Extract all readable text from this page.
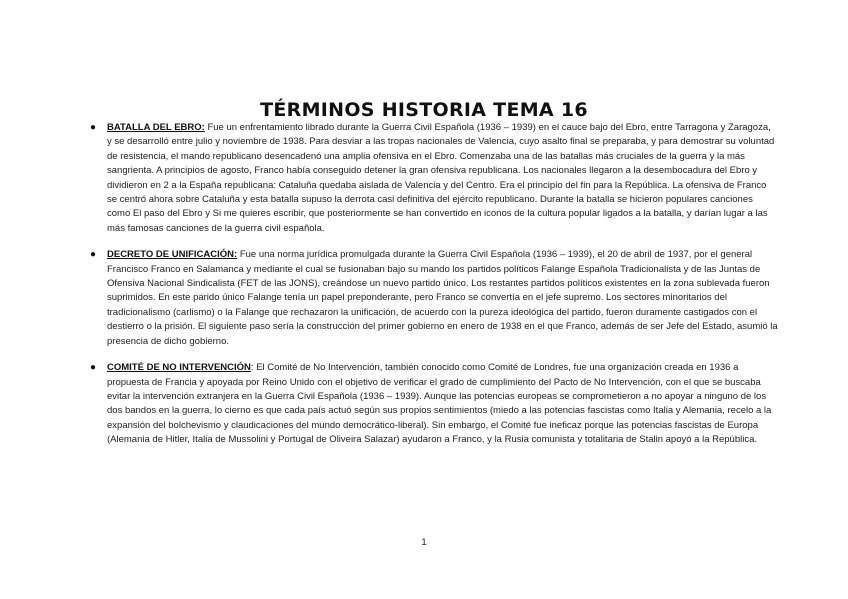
TÉRMINOS HISTORIA TEMA 16
● BATALLA DEL EBRO: Fue un enfrentamiento librado durante la Guerra Civil Española (1936 – 1939) en el cauce bajo del Ebro, entre Tarragona y Zaragoza, y se desarrolló entre julio y noviembre de 1938. Para desviar a las tropas nacionales de Valencia, cuyo asalto final se preparaba, y para demostrar su voluntad de resistencia, el mando republicano desencadenó una amplia ofensiva en el Ebro. Comenzaba una de las batallas más cruciales de la guerra y la más sangrienta. A principios de agosto, Franco había conseguido detener la gran ofensiva republicana. Los nacionales llegaron a la desembocadura del Ebro y dividieron en 2 a la España republicana: Cataluña quedaba aislada de Valencia y del Centro. Era el principio del fin para la República. La ofensiva de Franco se centró ahora sobre Cataluña y esta batalla supuso la derrota casi definitiva del ejército republicano. Durante la batalla se hicieron populares canciones como El paso del Ebro y Si me quieres escribir, que posteriormente se han convertido en iconos de la cultura popular ligados a la batalla, y darían lugar a las más famosas canciones de la guerra civil española.
● DECRETO DE UNIFICACIÓN: Fue una norma jurídica promulgada durante la Guerra Civil Española (1936 – 1939), el 20 de abril de 1937, por el general Francisco Franco en Salamanca y mediante el cual se fusionaban bajo su mando los partidos políticos Falange Española Tradicionalista y de las Juntas de Ofensiva Nacional Sindicalista (FET de las JONS), creándose un nuevo partido único. Los restantes partidos políticos existentes en la zona sublevada fueron suprimidos. En este parido único Falange tenía un papel preponderante, pero Franco se convertía en el jefe supremo. Los sectores minoritarios del tradicionalismo (carlismo) o la Falange que rechazaron la unificación, de acuerdo con la pureza ideológica del partido, fueron duramente castigados con el destierro o la prisión. El siguiente paso sería la construcción del primer gobierno en enero de 1938 en el que Franco, además de ser Jefe del Estado, asumió la presencia de dicho gobierno.
● COMITÉ DE NO INTERVENCIÓN: El Comité de No Intervención, también conocido como Comité de Londres, fue una organización creada en 1936 a propuesta de Francia y apoyada por Reino Unido con el objetivo de verificar el grado de cumplimiento del Pacto de No Intervención, con el que se buscaba evitar la intervención extranjera en la Guerra Civil Española (1936 – 1939). Aunque las potencias europeas se comprometieron a no apoyar a ninguno de los dos bandos en la guerra, lo cierno es que cada país actuó según sus propios sentimientos (miedo a las potencias fascistas como Italia y Alemania, recelo a la expansión del bolchevismo y claudicaciones del mundo democrático-liberal). Sin embargo, el Comité fue ineficaz porque las potencias fascistas de Europa (Alemania de Hitler, Italia de Mussolini y Portugal de Oliveira Salazar) ayudaron a Franco, y la Rusia comunista y totalitaria de Stalin apoyó a la República.
1
